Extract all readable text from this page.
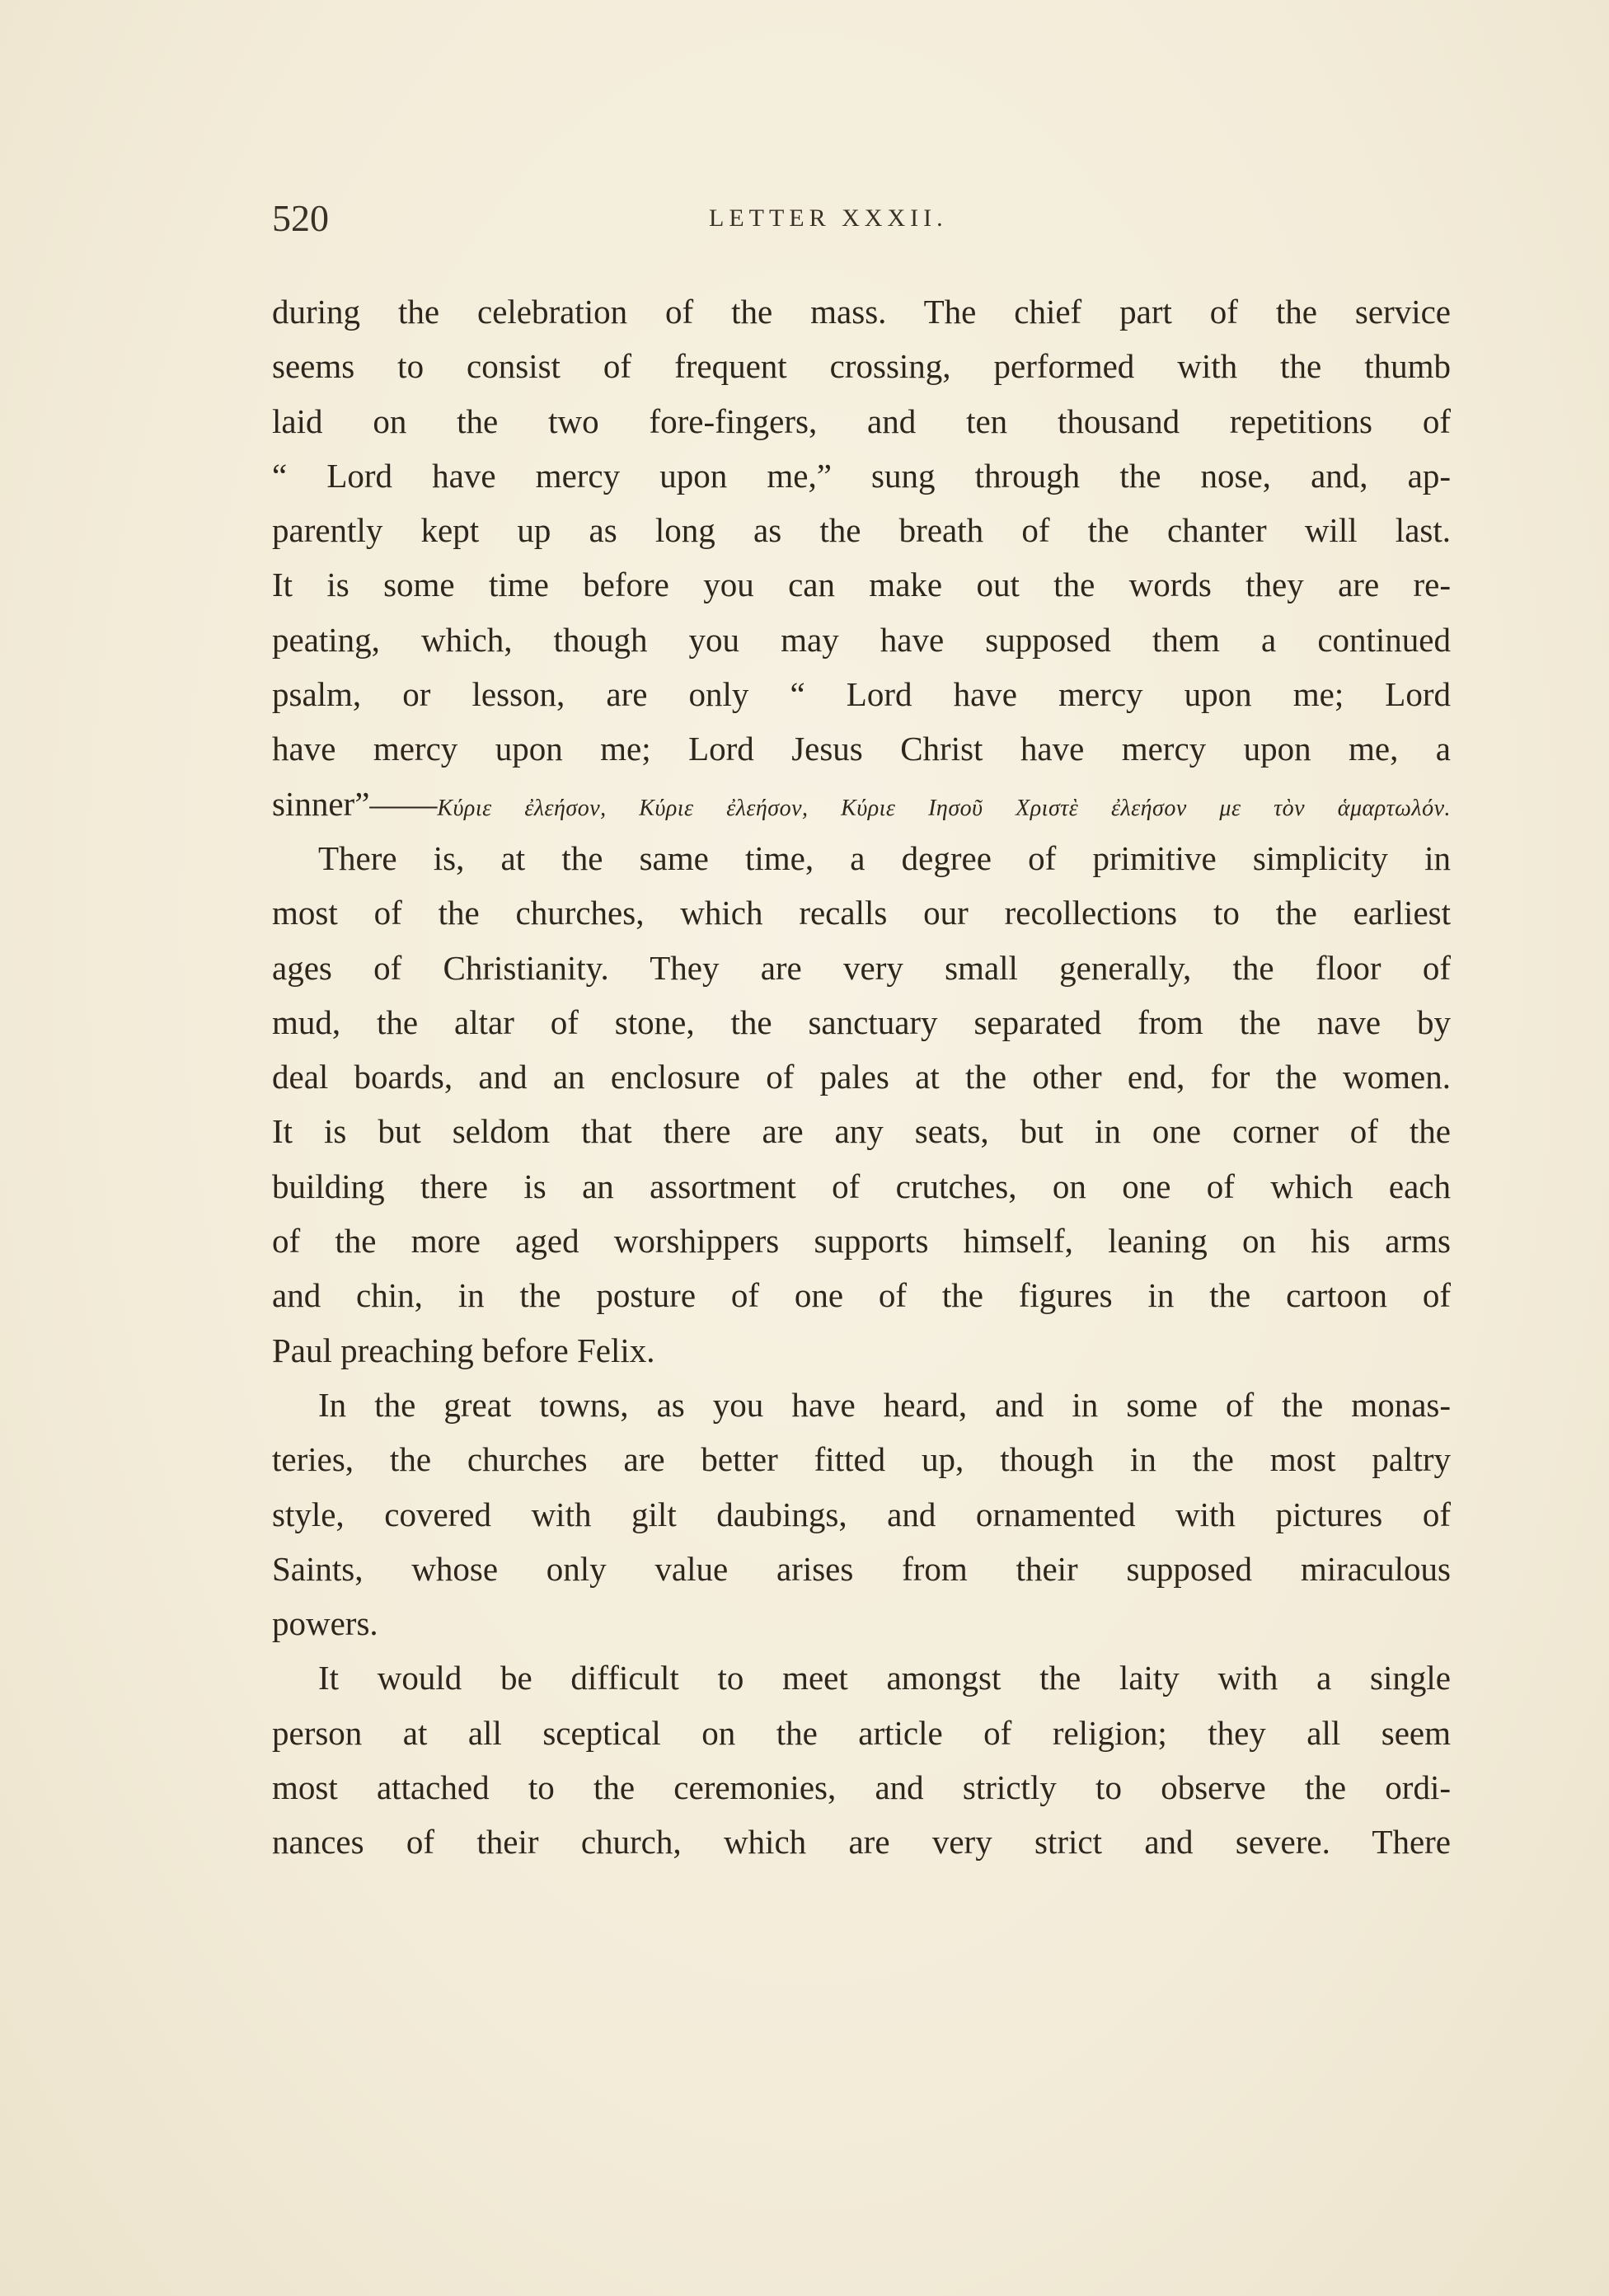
520	LETTER XXXII.
during the celebration of the mass. The chief part of the service
seems to consist of frequent crossing, performed with the thumb
laid on the two fore-fingers, and ten thousand repetitions of
“ Lord have mercy upon me,” sung through the nose, and, ap-
parently kept up as long as the breath of the chanter will last.
It is some time before you can make out the words they are re-
peating, which, though you may have supposed them a continued
psalm, or lesson, are only “ Lord have mercy upon me; Lord
have mercy upon me; Lord Jesus Christ have mercy upon me, a
sinner”——Κύριε ἐλεήσον, Κύριε ἐλεήσον, Κύριε Ιησοῦ Χριστὲ ἐλεήσον με τὸν ἁμαρτωλόν.
There is, at the same time, a degree of primitive simplicity in
most of the churches, which recalls our recollections to the earliest
ages of Christianity. They are very small generally, the floor of
mud, the altar of stone, the sanctuary separated from the nave by
deal boards, and an enclosure of pales at the other end, for the women.
It is but seldom that there are any seats, but in one corner of the
building there is an assortment of crutches, on one of which each
of the more aged worshippers supports himself, leaning on his arms
and chin, in the posture of one of the figures in the cartoon of
Paul preaching before Felix.
In the great towns, as you have heard, and in some of the monas-
teries, the churches are better fitted up, though in the most paltry
style, covered with gilt daubings, and ornamented with pictures of
Saints, whose only value arises from their supposed miraculous
powers.
It would be difficult to meet amongst the laity with a single
person at all sceptical on the article of religion; they all seem
most attached to the ceremonies, and strictly to observe the ordi-
nances of their church, which are very strict and severe. There
